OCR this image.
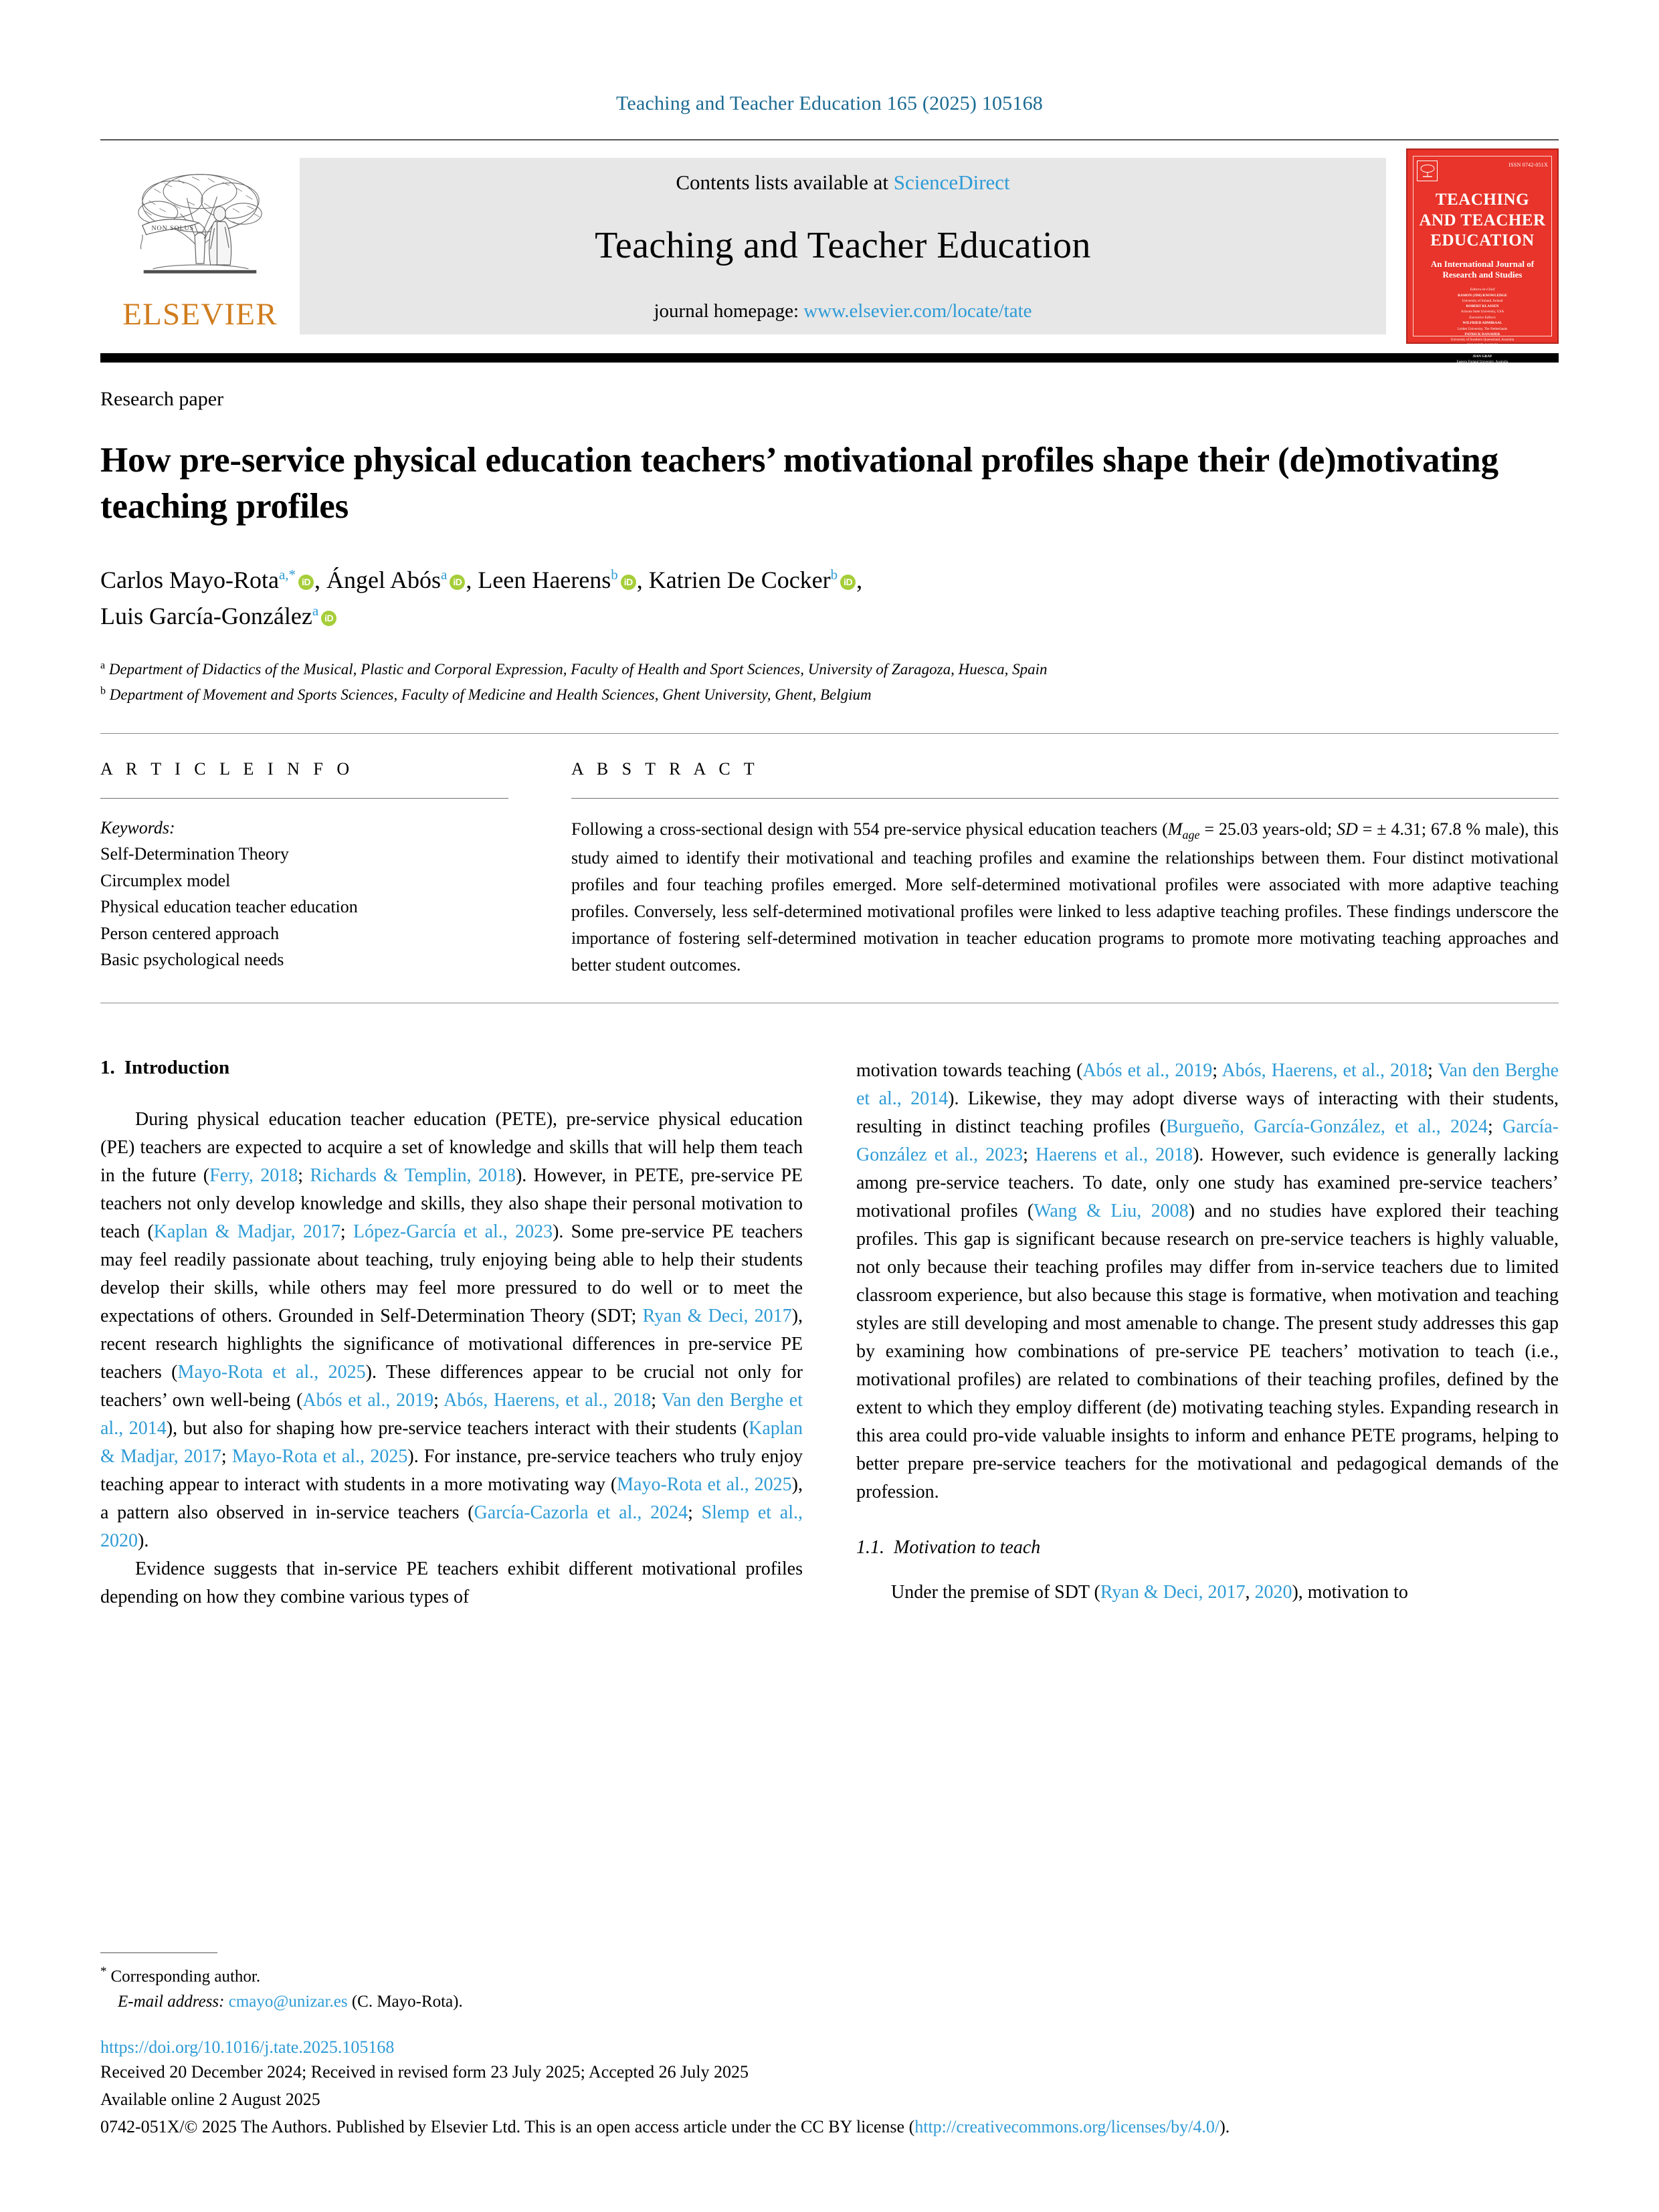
Teaching and Teacher Education 165 (2025) 105168
NON SOLUS
ELSEVIER
Contents lists available at ScienceDirect
Teaching and Teacher Education
journal homepage: www.elsevier.com/locate/tate
ISSN 0742-051X
TEACHING
AND TEACHER
EDUCATION
An International Journal of
Research and Studies
Editors-in-Chief
RAMON (JIM) KNOWLEDGE
University of Ireland, Ireland
ROBERT KLASSEN
Arizona State University, USA
Executive Editors
WILFRIED ADMIRAAL
Leiden University, The Netherlands
PATRICK DANAHER
University of Southern Queensland, Australia
SUSANNE GARVIS
University of New South Wales, Australia
JIAN GRAY
Eastern Finland University, Australia
MIEKE VAN HOUTTE
University of Ghent, Belgium
JOHN CHI-KIN LEE
The Education University of Hong Kong, Hong Kong
ANGELICA MOE
University of Padua, Italy
KATHLEEN PIERCE-SLAVOLAN
University of Nottingham School of Education, UK
HONGBIAO YIN
Chinese University of Hong Kong, Hong Kong
Research paper
How pre-service physical education teachers’ motivational profiles shape their (de)motivating teaching profiles
Carlos Mayo-Rota$^{a,*}$ iD , Ángel Abós$^a$ iD , Leen Haerens$^b$ iD , Katrien De Cocker$^b$ iD ,
Luis García-González$^a$ iD
$^a$ Department of Didactics of the Musical, Plastic and Corporal Expression, Faculty of Health and Sport Sciences, University of Zaragoza, Huesca, Spain
$^b$ Department of Movement and Sports Sciences, Faculty of Medicine and Health Sciences, Ghent University, Ghent, Belgium
A R T I C L E I N F O
Keywords:
Self-Determination Theory
Circumplex model
Physical education teacher education
Person centered approach
Basic psychological needs
A B S T R A C T
Following a cross-sectional design with 554 pre-service physical education teachers ($M_{age} = 25.03$ years-old; SD = ± 4.31; 67.8 % male), this study aimed to identify their motivational and teaching profiles and examine the relationships between them. Four distinct motivational profiles and four teaching profiles emerged. More self-determined motivational profiles were associated with more adaptive teaching profiles. Conversely, less self-determined motivational profiles were linked to less adaptive teaching profiles. These findings underscore the importance of fostering self-determined motivation in teacher education programs to promote more motivating teaching approaches and better student outcomes.
1. Introduction

During physical education teacher education (PETE), pre-service physical education (PE) teachers are expected to acquire a set of knowledge and skills that will help them teach in the future (Ferry, 2018; Richards & Templin, 2018). However, in PETE, pre-service PE teachers not only develop knowledge and skills, they also shape their personal motivation to teach (Kaplan & Madjar, 2017; López-García et al., 2023). Some pre-service PE teachers may feel readily passionate about teaching, truly enjoying being able to help their students develop their skills, while others may feel more pressured to do well or to meet the expectations of others. Grounded in Self-Determination Theory (SDT; Ryan & Deci, 2017), recent research highlights the significance of motivational differences in pre-service PE teachers (Mayo-Rota et al., 2025). These differences appear to be crucial not only for teachers’ own well-being (Abós et al., 2019; Abós, Haerens, et al., 2018; Van den Berghe et al., 2014), but also for shaping how pre-service teachers interact with their students (Kaplan & Madjar, 2017; Mayo-Rota et al., 2025). For instance, pre-service teachers who truly enjoy teaching appear to interact with students in a more motivating way (Mayo-Rota et al., 2025), a pattern also observed in in-service teachers (García-Cazorla et al., 2024; Slemp et al., 2020).

Evidence suggests that in-service PE teachers exhibit different motivational profiles depending on how they combine various types of

motivation towards teaching (Abós et al., 2019; Abós, Haerens, et al., 2018; Van den Berghe et al., 2014). Likewise, they may adopt diverse ways of interacting with their students, resulting in distinct teaching profiles (Burgueño, García-González, et al., 2024; García-González et al., 2023; Haerens et al., 2018). However, such evidence is generally lacking among pre-service teachers. To date, only one study has examined pre-service teachers’ motivational profiles (Wang & Liu, 2008) and no studies have explored their teaching profiles. This gap is significant because research on pre-service teachers is highly valuable, not only because their teaching profiles may differ from in-service teachers due to limited classroom experience, but also because this stage is formative, when motivation and teaching styles are still developing and most amenable to change. The present study addresses this gap by examining how combinations of pre-service PE teachers’ motivation to teach (i.e., motivational profiles) are related to combinations of their teaching profiles, defined by the extent to which they employ different (de) motivating teaching styles. Expanding research in this area could pro-vide valuable insights to inform and enhance PETE programs, helping to better prepare pre-service teachers for the motivational and pedagogical demands of the profession.

1.1. Motivation to teach

Under the premise of SDT (Ryan & Deci, 2017, 2020), motivation to

* Corresponding author.
E-mail address: cmayo@unizar.es (C. Mayo-Rota).
https://doi.org/10.1016/j.tate.2025.105168
Received 20 December 2024; Received in revised form 23 July 2025; Accepted 26 July 2025
Available online 2 August 2025
0742-051X/© 2025 The Authors. Published by Elsevier Ltd. This is an open access article under the CC BY license (http://creativecommons.org/licenses/by/4.0/).
